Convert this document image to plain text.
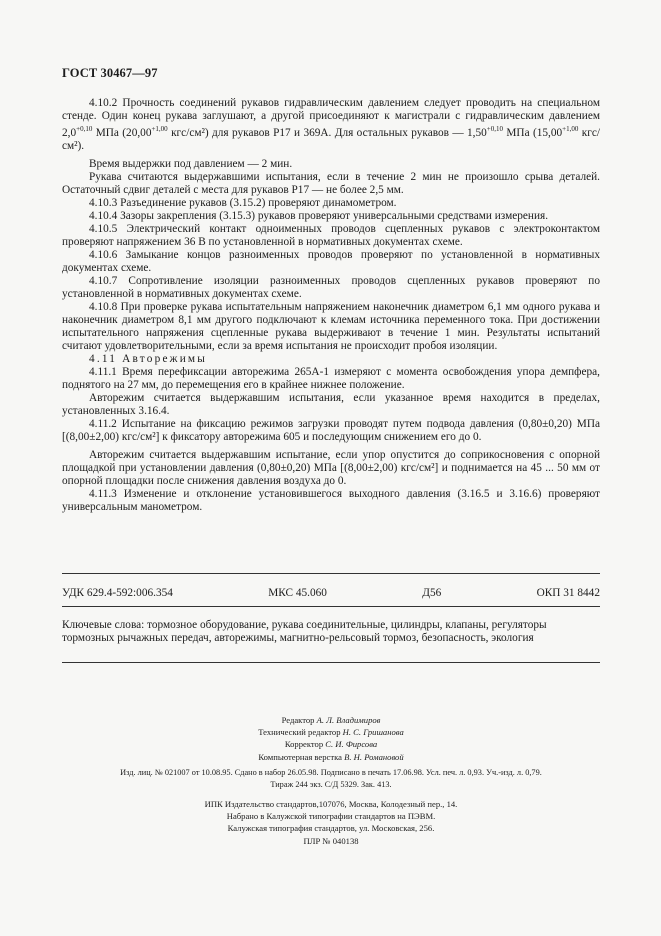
ГОСТ 30467—97

4.10.2 Прочность соединений рукавов гидравлическим давлением следует проводить на специальном стенде. Один конец рукава заглушают, а другой присоединяют к магистрали с гидравлическим давлением $2,0^{+0,10}$ МПа ($20,00^{+1,00}$ кгс/см²) для рукавов Р17 и 369А. Для остальных рукавов — $1,50^{+0,10}$ МПа ($15,00^{+1,00}$ кгс/см²).

Время выдержки под давлением — 2 мин.

Рукава считаются выдержавшими испытания, если в течение 2 мин не произошло срыва деталей. Остаточный сдвиг деталей с места для рукавов Р17 — не более 2,5 мм.

4.10.3 Разъединение рукавов (3.15.2) проверяют динамометром.

4.10.4 Зазоры закрепления (3.15.3) рукавов проверяют универсальными средствами измерения.

4.10.5 Электрический контакт одноименных проводов сцепленных рукавов с электроконтактом проверяют напряжением 36 В по установленной в нормативных документах схеме.

4.10.6 Замыкание концов разноименных проводов проверяют по установленной в нормативных документах схеме.

4.10.7 Сопротивление изоляции разноименных проводов сцепленных рукавов проверяют по установленной в нормативных документах схеме.

4.10.8 При проверке рукава испытательным напряжением наконечник диаметром 6,1 мм одного рукава и наконечник диаметром 8,1 мм другого подключают к клемам источника переменного тока. При достижении испытательного напряжения сцепленные рукава выдерживают в течение 1 мин. Результаты испытаний считают удовлетворительными, если за время испытания не происходит пробоя изоляции.

4.11 Авторежимы

4.11.1 Время перефиксации авторежима 265А-1 измеряют с момента освобождения упора демпфера, поднятого на 27 мм, до перемещения его в крайнее нижнее положение.

Авторежим считается выдержавшим испытания, если указанное время находится в пределах, установленных 3.16.4.

4.11.2 Испытание на фиксацию режимов загрузки проводят путем подвода давления (0,80±0,20) МПа [(8,00±2,00) кгс/см²] к фиксатору авторежима 605 и последующим снижением его до 0.

Авторежим считается выдержавшим испытание, если упор опустится до соприкосновения с опорной площадкой при установлении давления (0,80±0,20) МПа [(8,00±2,00) кгс/см²] и поднимается на 45 ... 50 мм от опорной площадки после снижения давления воздуха до 0.

4.11.3 Изменение и отклонение установившегося выходного давления (3.16.5 и 3.16.6) проверяют универсальным манометром.

УДК 629.4-592:006.354	МКС 45.060	Д56	ОКП 31 8442
Ключевые слова: тормозное оборудование, рукава соединительные, цилиндры, клапаны, регуляторы тормозных рычажных передач, авторежимы, магнитно-рельсовый тормоз, безопасность, экология
Редактор А. Л. Владимиров
Технический редактор Н. С. Гришанова
Корректор С. И. Фирсова
Компьютерная верстка В. Н. Романовой
Изд. лиц. № 021007 от 10.08.95. Сдано в набор 26.05.98. Подписано в печать 17.06.98. Усл. печ. л. 0,93. Уч.-изд. л. 0,79.
Тираж 244 экз. С/Д 5329. Зак. 413.
ИПК Издательство стандартов,107076, Москва, Колодезный пер., 14.
Набрано в Калужской типографии стандартов на ПЭВМ.
Калужская типография стандартов, ул. Московская, 256.
ПЛР № 040138
